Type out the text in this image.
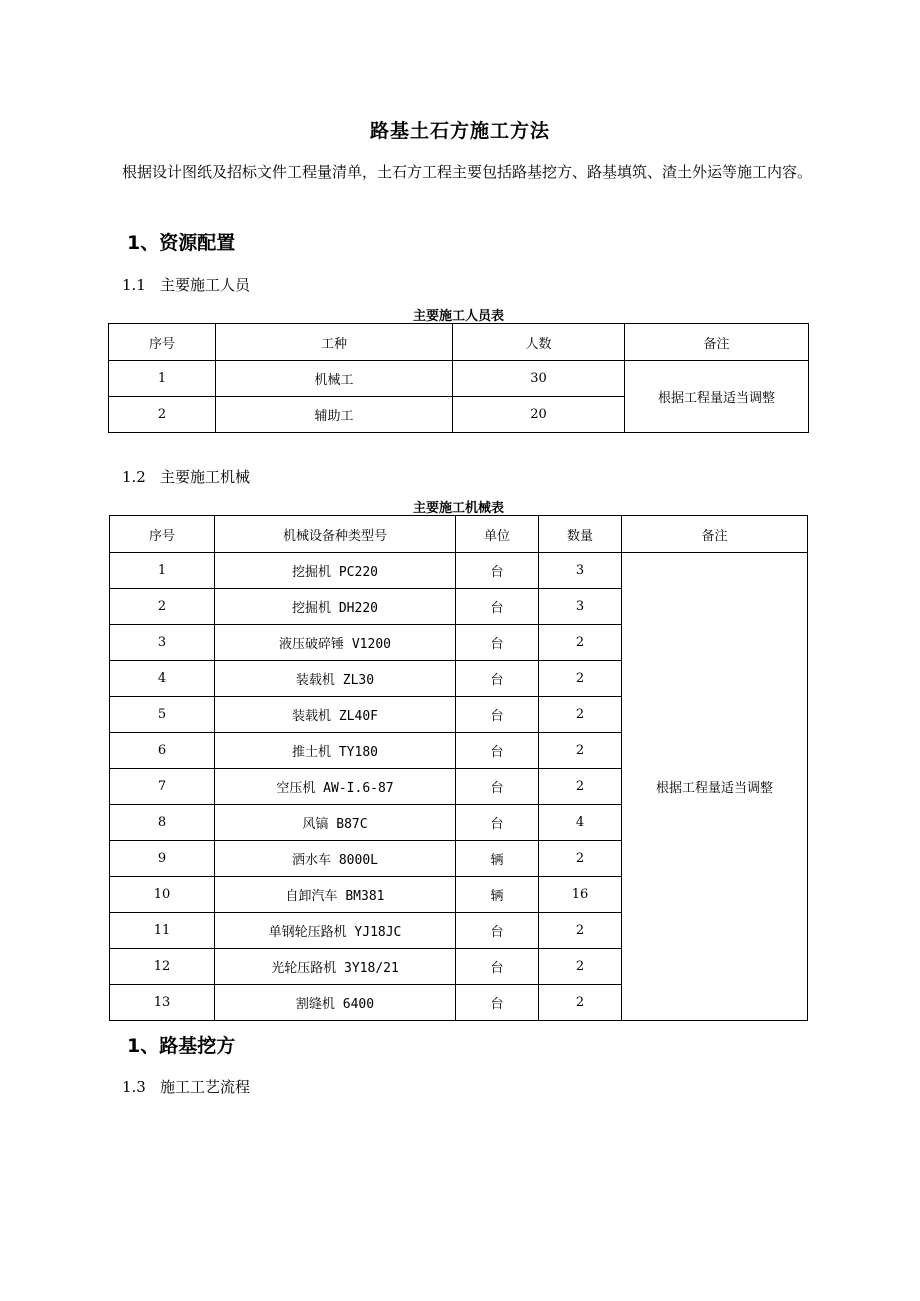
路基土石方施工方法
根据设计图纸及招标文件工程量清单，土石方工程主要包括路基挖方、路基填筑、渣土外运等施工内容。
1、资源配置
1.1 主要施工人员
主要施工人员表
序号	工种	人数	备注
1	机械工	30	根据工程量适当调整
2	辅助工	20	
1.2 主要施工机械
主要施工机械表
序号	机械设备种类型号	单位	数量	备注
1	挖掘机 PC220	台	3	根据工程量适当调整
2	挖掘机 DH220	台	3	
3	液压破碎锤 V1200	台	2	
4	装载机 ZL30	台	2	
5	装载机 ZL40F	台	2	
6	推土机 TY180	台	2	
7	空压机 AW-I.6-87	台	2	
8	风镐 B87C	台	4	
9	洒水车 8000L	辆	2	
10	自卸汽车 BM381	辆	16	
11	单钢轮压路机 YJ18JC	台	2	
12	光轮压路机 3Y18/21	台	2	
13	割缝机 6400	台	2	
1、路基挖方
1.3 施工工艺流程
